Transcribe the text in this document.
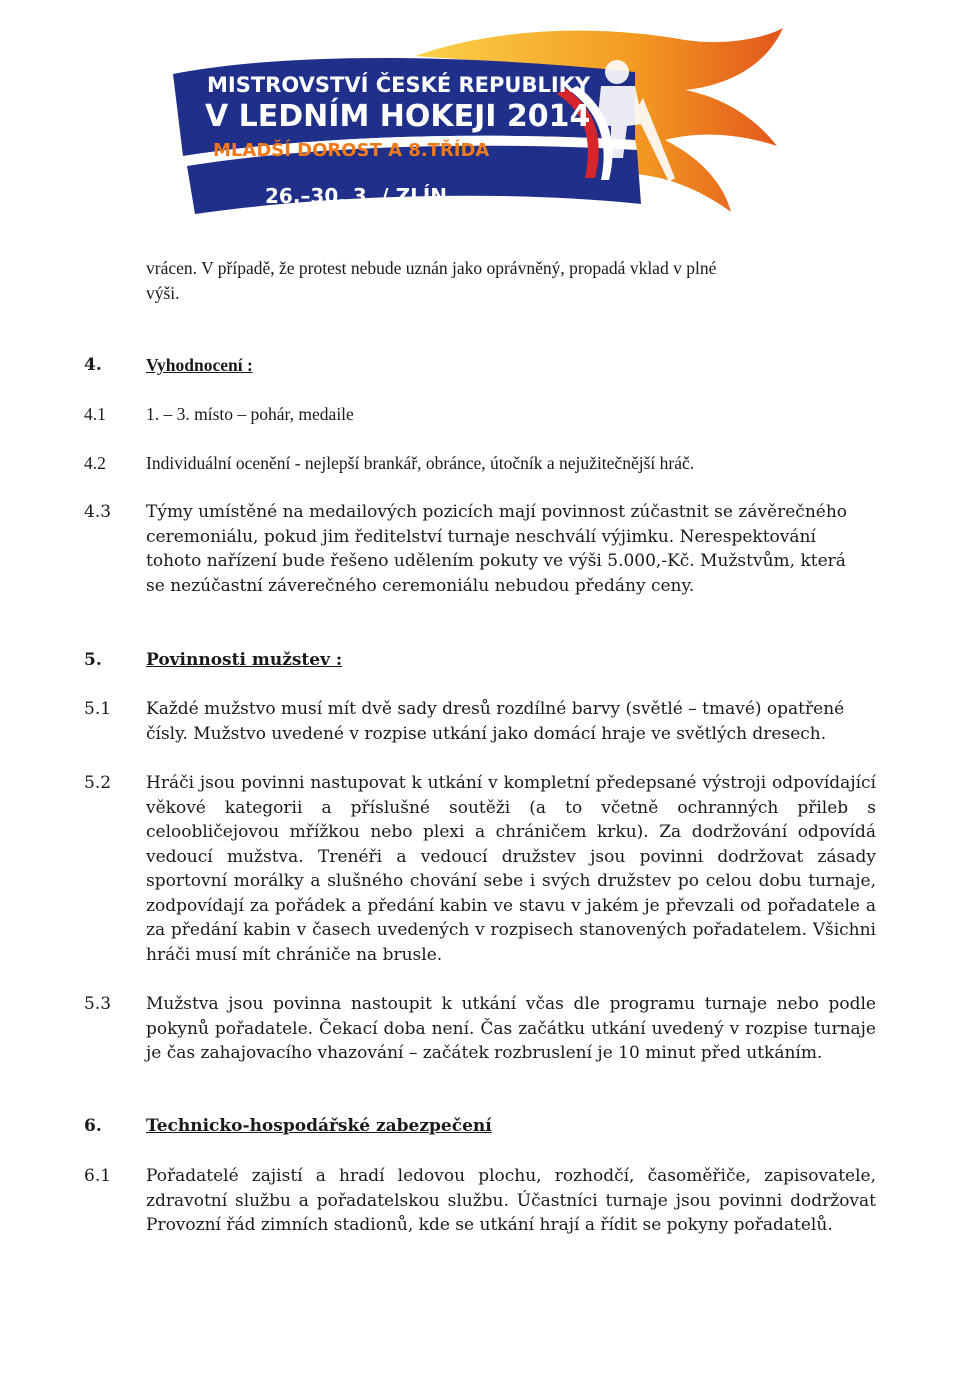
MISTROVSTVÍ ČESKÉ REPUBLIKY
V LEDNÍM HOKEJI 2014
MLADŠÍ DOROST A 8.TŘÍDA
26.–30. 3. / ZLÍN
vrácen. V případě, že protest nebude uznán jako oprávněný, propadá vklad v plné
výši.
4.	Vyhodnocení :
4.1 1. – 3. místo – pohár, medaile
4.2 Individuální ocenění - nejlepší brankář, obránce, útočník a nejužitečnější hráč.
4.3 Týmy umístěné na medailových pozicích mají povinnost zúčastnit se závěrečného
ceremoniálu, pokud jim ředitelství turnaje neschválí výjimku. Nerespektování
tohoto nařízení bude řešeno udělením pokuty ve výši 5.000,-Kč. Mužstvům, která
se nezúčastní záverečného ceremoniálu nebudou předány ceny.
5.	Povinnosti mužstev :
5.1 Každé mužstvo musí mít dvě sady dresů rozdílné barvy (světlé – tmavé) opatřené
čísly. Mužstvo uvedené v rozpise utkání jako domácí hraje ve světlých dresech.
5.2 Hráči jsou povinni nastupovat k utkání v kompletní předepsané výstroji odpovídající věkové kategorii a příslušné soutěži (a to včetně ochranných přileb s celoobličejovou mřížkou nebo plexi a chráničem krku). Za dodržování odpovídá vedoucí mužstva. Trenéři a vedoucí družstev jsou povinni dodržovat zásady sportovní morálky a slušného chování sebe i svých družstev po celou dobu turnaje, zodpovídají za pořádek a předání kabin ve stavu v jakém je převzali od pořadatele a za předání kabin v časech uvedených v rozpisech stanovených pořadatelem. Všichni hráči musí mít chrániče na brusle.
5.3 Mužstva jsou povinna nastoupit k utkání včas dle programu turnaje nebo podle pokynů pořadatele. Čekací doba není. Čas začátku utkání uvedený v rozpise turnaje je čas zahajovacího vhazování – začátek rozbruslení je 10 minut před utkáním.
6.	Technicko-hospodářské zabezpečení
6.1 Pořadatelé zajistí a hradí ledovou plochu, rozhodčí, časoměřiče, zapisovatele, zdravotní službu a pořadatelskou službu. Účastníci turnaje jsou povinni dodržovat Provozní řád zimních stadionů, kde se utkání hrají a řídit se pokyny pořadatelů.
